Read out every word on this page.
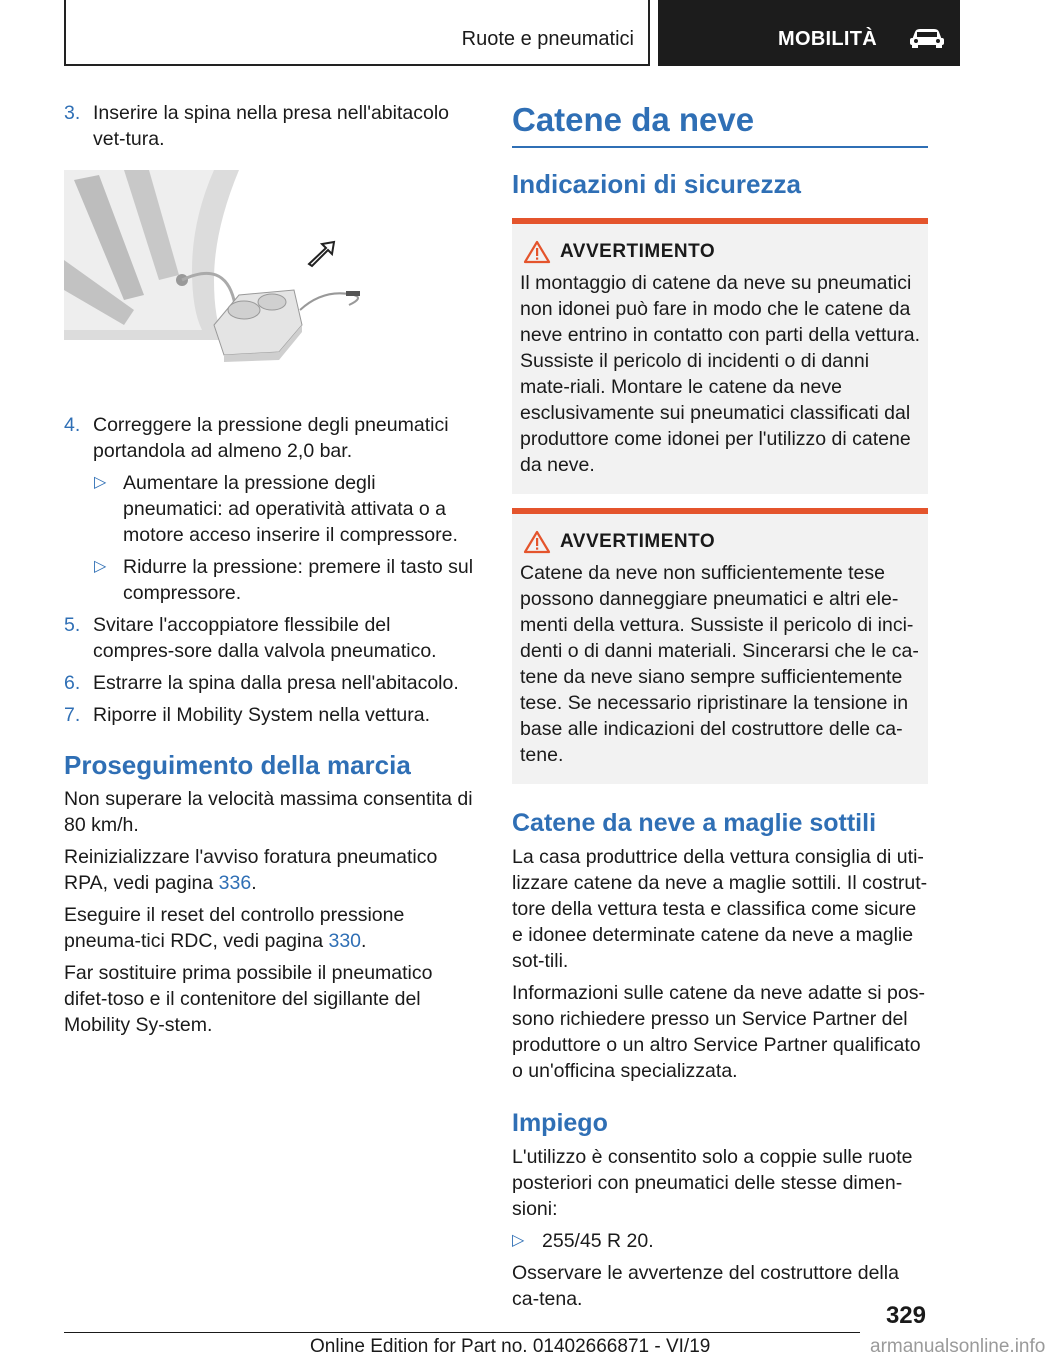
Ruote e pneumatici	MOBILITÀ
3. Inserire la spina nella presa nell'abitacolo vet-tura.
4. Correggere la pressione degli pneumatici portandola ad almeno 2,0 bar.
▷ Aumentare la pressione degli pneumatici: ad operatività attivata o a motore acceso inserire il compressore.
▷ Ridurre la pressione: premere il tasto sul compressore.
5. Svitare l'accoppiatore flessibile del compres-sore dalla valvola pneumatico.
6. Estrarre la spina dalla presa nell'abitacolo.
7. Riporre il Mobility System nella vettura.
Proseguimento della marcia
Non superare la velocità massima consentita di 80 km/h.
Reinizializzare l'avviso foratura pneumatico RPA, vedi pagina 336.
Eseguire il reset del controllo pressione pneuma-tici RDC, vedi pagina 330.
Far sostituire prima possibile il pneumatico difet-toso e il contenitore del sigillante del Mobility Sy-stem.
Catene da neve
Indicazioni di sicurezza
AVVERTIMENTO
Il montaggio di catene da neve su pneumatici non idonei può fare in modo che le catene da neve entrino in contatto con parti della vettura. Sussiste il pericolo di incidenti o di danni mate-riali. Montare le catene da neve esclusivamente sui pneumatici classificati dal produttore come idonei per l'utilizzo di catene da neve.
AVVERTIMENTO
Catene da neve non sufficientemente tese possono danneggiare pneumatici e altri ele-menti della vettura. Sussiste il pericolo di inci-denti o di danni materiali. Sincerarsi che le ca-tene da neve siano sempre sufficientemente tese. Se necessario ripristinare la tensione in base alle indicazioni del costruttore delle ca-tene.
Catene da neve a maglie sottili
La casa produttrice della vettura consiglia di uti-lizzare catene da neve a maglie sottili. Il costrut-tore della vettura testa e classifica come sicure e idonee determinate catene da neve a maglie sot-tili.
Informazioni sulle catene da neve adatte si pos-sono richiedere presso un Service Partner del produttore o un altro Service Partner qualificato o un'officina specializzata.
Impiego
L'utilizzo è consentito solo a coppie sulle ruote posteriori con pneumatici delle stesse dimen-sioni:
▷ 255/45 R 20.
Osservare le avvertenze del costruttore della ca-tena.
329
Online Edition for Part no. 01402666871 - VI/19	armanualsonline.info
